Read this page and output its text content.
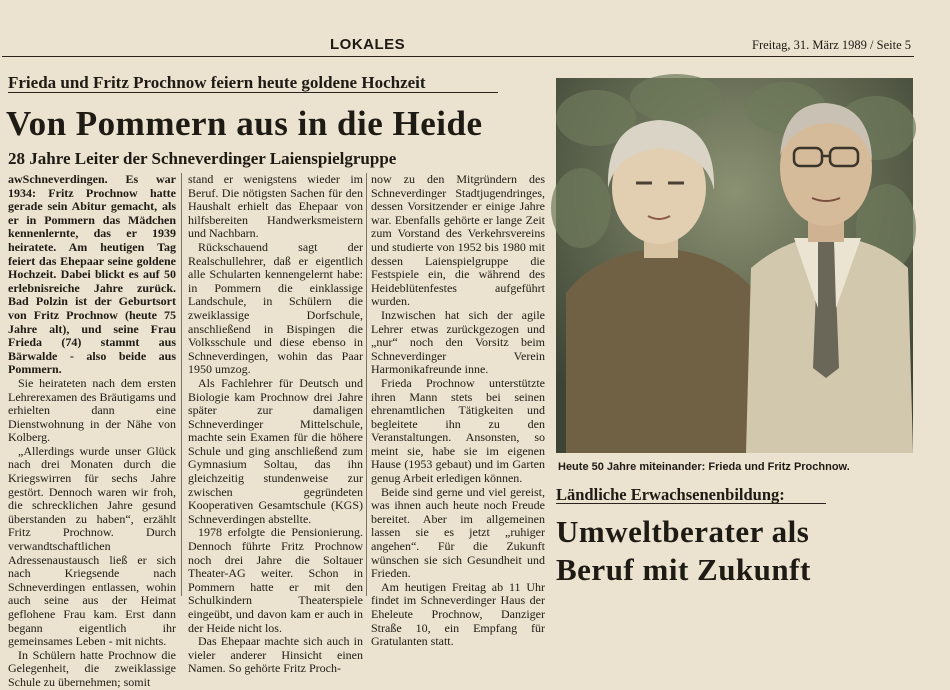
LOKALES	Freitag, 31. März 1989 / Seite 5
Frieda und Fritz Prochnow feiern heute goldene Hochzeit
Von Pommern aus in die Heide
28 Jahre Leiter der Schneverdinger Laienspielgruppe

awSchneverdingen. Es war 1934: Fritz Prochnow hatte gerade sein Abitur gemacht, als er in Pommern das Mädchen kennenlernte, das er 1939 heiratete. Am heutigen Tag feiert das Ehepaar seine goldene Hochzeit. Dabei blickt es auf 50 erlebnisreiche Jahre zurück. Bad Polzin ist der Geburtsort von Fritz Prochnow (heute 75 Jahre alt), und seine Frau Frieda (74) stammt aus Bärwalde - also beide aus Pommern.

Sie heirateten nach dem ersten Lehrerexamen des Bräutigams und erhielten dann eine Dienstwohnung in der Nähe von Kolberg.

„Allerdings wurde unser Glück nach drei Monaten durch die Kriegswirren für sechs Jahre gestört. Dennoch waren wir froh, die schrecklichen Jahre gesund überstanden zu haben“, erzählt Fritz Prochnow. Durch verwandtschaftlichen Adressenaustausch ließ er sich nach Kriegsende nach Schneverdingen entlassen, wohin auch seine aus der Heimat geflohene Frau kam. Erst dann begann eigentlich ihr gemeinsames Leben - mit nichts.

In Schülern hatte Prochnow die Gelegenheit, die zweiklassige Schule zu übernehmen; somit

stand er wenigstens wieder im Beruf. Die nötigsten Sachen für den Haushalt erhielt das Ehepaar von hilfsbereiten Handwerksmeistern und Nachbarn.

Rückschauend sagt der Realschullehrer, daß er eigentlich alle Schularten kennengelernt habe: in Pommern die einklassige Landschule, in Schülern die zweiklassige Dorfschule, anschließend in Bispingen die Volksschule und diese ebenso in Schneverdingen, wohin das Paar 1950 umzog.

Als Fachlehrer für Deutsch und Biologie kam Prochnow drei Jahre später zur damaligen Schneverdinger Mittelschule, machte sein Examen für die höhere Schule und ging anschließend zum Gymnasium Soltau, das ihn gleichzeitig stundenweise zur zwischen gegründeten Kooperativen Gesamtschule (KGS) Schneverdingen abstellte.

1978 erfolgte die Pensionierung. Dennoch führte Fritz Prochnow noch drei Jahre die Soltauer Theater-AG weiter. Schon in Pommern hatte er mit den Schulkindern Theaterspiele eingeübt, und davon kam er auch in der Heide nicht los.

Das Ehepaar machte sich auch in vieler anderer Hinsicht einen Namen. So gehörte Fritz Proch-

now zu den Mitgründern des Schneverdinger Stadtjugendringes, dessen Vorsitzender er einige Jahre war. Ebenfalls gehörte er lange Zeit zum Vorstand des Verkehrsvereins und studierte von 1952 bis 1980 mit dessen Laienspielgruppe die Festspiele ein, die während des Heideblütenfestes aufgeführt wurden.

Inzwischen hat sich der agile Lehrer etwas zurückgezogen und „nur“ noch den Vorsitz beim Schneverdinger Verein Harmonikafreunde inne.

Frieda Prochnow unterstützte ihren Mann stets bei seinen ehrenamtlichen Tätigkeiten und begleitete ihn zu den Veranstaltungen. Ansonsten, so meint sie, habe sie im eigenen Hause (1953 gebaut) und im Garten genug Arbeit erledigen können.

Beide sind gerne und viel gereist, was ihnen auch heute noch Freude bereitet. Aber im allgemeinen lassen sie es jetzt „ruhiger angehen“. Für die Zukunft wünschen sie sich Gesundheit und Frieden.

Am heutigen Freitag ab 11 Uhr findet im Schneverdinger Haus der Eheleute Prochnow, Danziger Straße 10, ein Empfang für Gratulanten statt.

Heute 50 Jahre miteinander: Frieda und Fritz Prochnow.
Ländliche Erwachsenenbildung:
Umweltberater als
Beruf mit Zukunft
